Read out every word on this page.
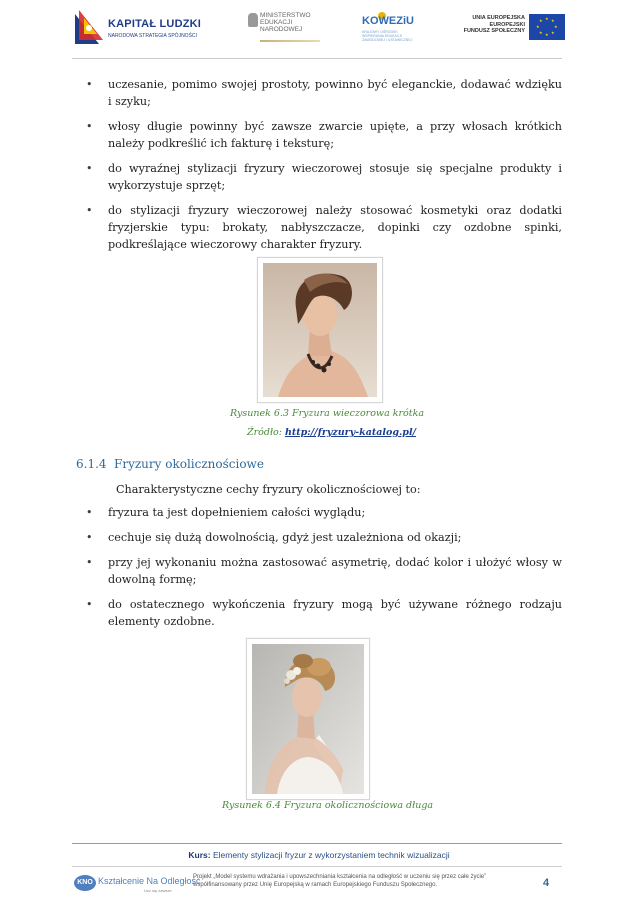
KAPITAŁ LUDZKI
NARODOWA STRATEGIA SPÓJNOŚCI
MINISTERSTWO
EDUKACJI
NARODOWEJ
KOWEZiU
KRAJOWY OŚRODEK WSPIERANIA EDUKACJI ZAWODOWEJ I USTAWICZNEJ
UNIA EUROPEJSKA
EUROPEJSKI
FUNDUSZ SPOŁECZNY
★ ★
★
★
★
★
★
★
• uczesanie, pomimo swojej prostoty, powinno być eleganckie, dodawać wdzięku i szyku;
• włosy długie powinny być zawsze zwarcie upięte, a przy włosach krótkich należy podkreślić ich fakturę i teksturę;
• do wyraźnej stylizacji fryzury wieczorowej stosuje się specjalne produkty i wykorzystuje sprzęt;
• do stylizacji fryzury wieczorowej należy stosować kosmetyki oraz dodatki fryzjerskie typu: brokaty, nabłyszczacze, dopinki czy ozdobne spinki, podkreślające wieczorowy charakter fryzury.
Rysunek 6.3 Fryzura wieczorowa krótka
Źródło: http://fryzury-katalog.pl/
6.1.4 Fryzury okolicznościowe
Charakterystyczne cechy fryzury okolicznościowej to:
• fryzura ta jest dopełnieniem całości wyglądu;
• cechuje się dużą dowolnością, gdyż jest uzależniona od okazji;
• przy jej wykonaniu można zastosować asymetrię, dodać kolor i ułożyć włosy w dowolną formę;
• do ostatecznego wykończenia fryzury mogą być używane różnego rodzaju elementy ozdobne.
Rysunek 6.4 Fryzura okolicznościowa długa
Kurs: Elementy stylizacji fryzur z wykorzystaniem technik wizualizacji
KNO Kształcenie Na Odległość
Ucz się zawsze
Projekt „Model systemu wdrażania i upowszechniania kształcenia na odległość w uczeniu się przez całe życie” współfinansowany przez Unię Europejską w ramach Europejskiego Funduszu Społecznego.	4
